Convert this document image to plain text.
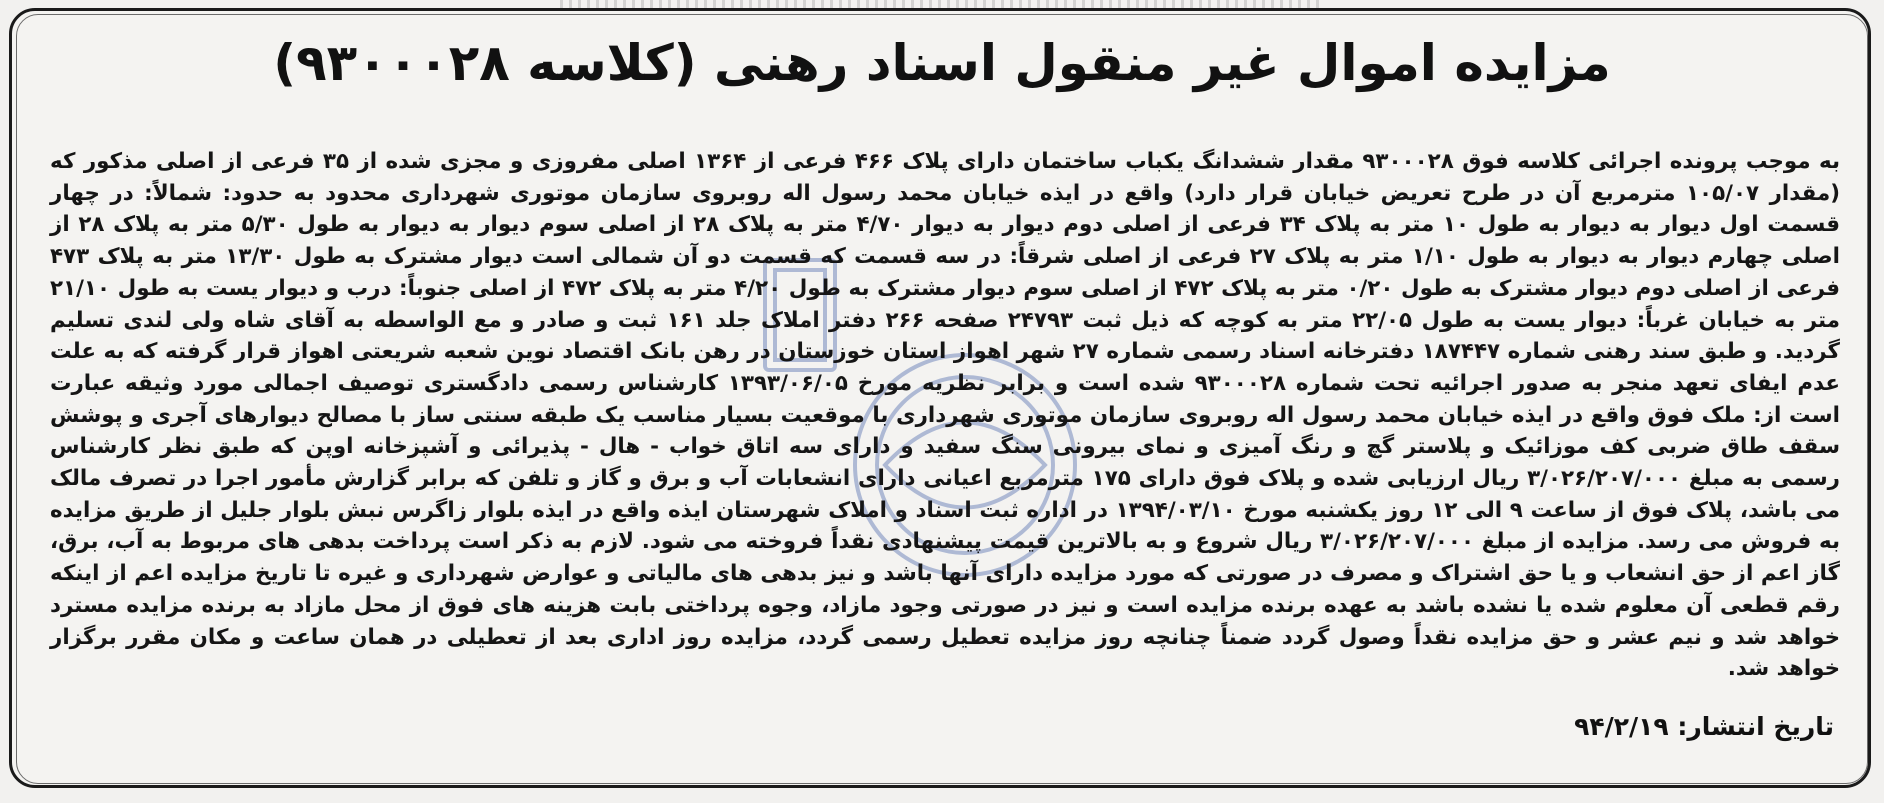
مزایده اموال غیر منقول اسناد رهنی (کلاسه ۹۳۰۰۰۲۸)
به موجب پرونده اجرائی کلاسه فوق ۹۳۰۰۰۲۸ مقدار ششدانگ یکباب ساختمان دارای پلاک ۴۶۶ فرعی از ۱۳۶۴ اصلی مفروزی و مجزی شده از ۳۵ فرعی از اصلی مذکور که (مقدار ۱۰۵/۰۷ مترمربع آن در طرح تعریض خیابان قرار دارد) واقع در ایذه خیابان محمد رسول اله روبروی سازمان موتوری شهرداری محدود به حدود: شمالاً: در چهار قسمت اول دیوار به دیوار به طول ۱۰ متر به پلاک ۳۴ فرعی از اصلی دوم دیوار به دیوار ۴/۷۰ متر به پلاک ۲۸ از اصلی سوم دیوار به دیوار به طول ۵/۳۰ متر به پلاک ۲۸ از اصلی چهارم دیوار به دیوار به طول ۱/۱۰ متر به پلاک ۲۷ فرعی از اصلی شرقاً: در سه قسمت که قسمت دو آن شمالی است دیوار مشترک به طول ۱۳/۳۰ متر به پلاک ۴۷۳ فرعی از اصلی دوم دیوار مشترک به طول ۰/۲۰ متر به پلاک ۴۷۲ از اصلی سوم دیوار مشترک به طول ۴/۲۰ متر به پلاک ۴۷۲ از اصلی جنوباً: درب و دیوار یست به طول ۲۱/۱۰ متر به خیابان غرباً: دیوار یست به طول ۲۲/۰۵ متر به کوچه که ذیل ثبت ۲۴۷۹۳ صفحه ۲۶۶ دفتر املاک جلد ۱۶۱ ثبت و صادر و مع الواسطه به آقای شاه ولی لندی تسلیم گردید. و طبق سند رهنی شماره ۱۸۷۴۴۷ دفترخانه اسناد رسمی شماره ۲۷ شهر اهواز استان خوزستان در رهن بانک اقتصاد نوین شعبه شریعتی اهواز قرار گرفته که به علت عدم ایفای تعهد منجر به صدور اجرائیه تحت شماره ۹۳۰۰۰۲۸ شده است و برابر نظریه مورخ ۱۳۹۳/۰۶/۰۵ کارشناس رسمی دادگستری توصیف اجمالی مورد وثیقه عبارت است از: ملک فوق واقع در ایذه خیابان محمد رسول اله روبروی سازمان موتوری شهرداری با موقعیت بسیار مناسب یک طبقه سنتی ساز با مصالح دیوارهای آجری و پوشش سقف طاق ضربی کف موزائیک و پلاستر گچ و رنگ آمیزی و نمای بیرونی سنگ سفید و دارای سه اتاق خواب - هال - پذیرائی و آشپزخانه اوپن که طبق نظر کارشناس رسمی به مبلغ ۳/۰۲۶/۲۰۷/۰۰۰ ریال ارزیابی شده و پلاک فوق دارای ۱۷۵ مترمربع اعیانی دارای انشعابات آب و برق و گاز و تلفن که برابر گزارش مأمور اجرا در تصرف مالک می باشد، پلاک فوق از ساعت ۹ الی ۱۲ روز یکشنبه مورخ ۱۳۹۴/۰۳/۱۰ در اداره ثبت اسناد و املاک شهرستان ایذه واقع در ایذه بلوار زاگرس نبش بلوار جلیل از طریق مزایده به فروش می رسد. مزایده از مبلغ ۳/۰۲۶/۲۰۷/۰۰۰ ریال شروع و به بالاترین قیمت پیشنهادی نقداً فروخته می شود. لازم به ذکر است پرداخت بدهی های مربوط به آب، برق، گاز اعم از حق انشعاب و یا حق اشتراک و مصرف در صورتی که مورد مزایده دارای آنها باشد و نیز بدهی های مالیاتی و عوارض شهرداری و غیره تا تاریخ مزایده اعم از اینکه رقم قطعی آن معلوم شده یا نشده باشد به عهده برنده مزایده است و نیز در صورتی وجود مازاد، وجوه پرداختی بابت هزینه های فوق از محل مازاد به برنده مزایده مسترد خواهد شد و نیم عشر و حق مزایده نقداً وصول گردد ضمناً چنانچه روز مزایده تعطیل رسمی گردد، مزایده روز اداری بعد از تعطیلی در همان ساعت و مکان مقرر برگزار خواهد شد.
تاریخ انتشار: ۹۴/۲/۱۹
